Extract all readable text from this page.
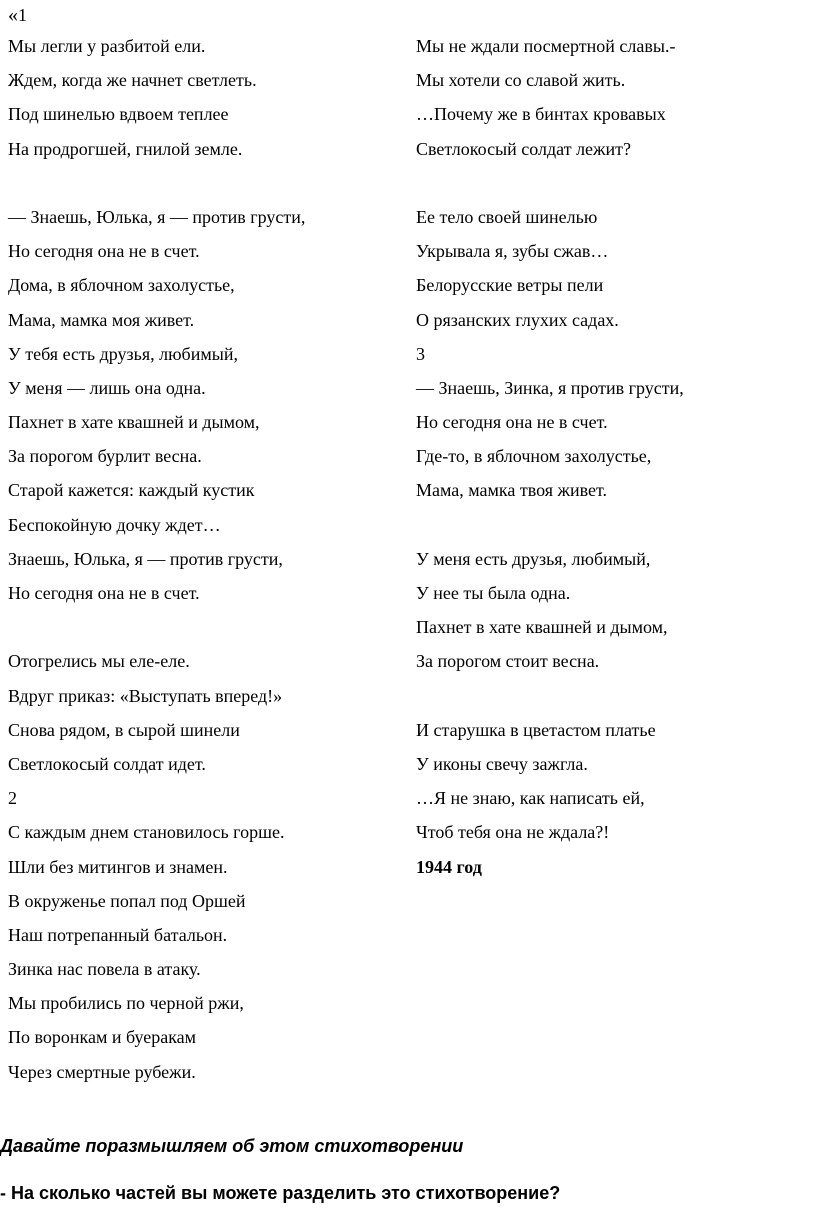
«1
Мы легли у разбитой ели.
Ждем, когда же начнет светлеть.
Под шинелью вдвоем теплее
На продрогшей, гнилой земле.
— Знаешь, Юлька, я — против грусти,
Но сегодня она не в счет.
Дома, в яблочном захолустье,
Мама, мамка моя живет.
У тебя есть друзья, любимый,
У меня — лишь она одна.
Пахнет в хате квашней и дымом,
За порогом бурлит весна.
Старой кажется: каждый кустик
Беспокойную дочку ждет…
Знаешь, Юлька, я — против грусти,
Но сегодня она не в счет.
Отогрелись мы еле-еле.
Вдруг приказ: «Выступать вперед!»
Снова рядом, в сырой шинели
Светлокосый солдат идет.
2
С каждым днем становилось горше.
Шли без митингов и знамен.
В окруженье попал под Оршей
Наш потрепанный батальон.
Зинка нас повела в атаку.
Мы пробились по черной ржи,
По воронкам и буеракам
Через смертные рубежи.
Мы не ждали посмертной славы.-
Мы хотели со славой жить.
…Почему же в бинтах кровавых
Светлокосый солдат лежит?
Ее тело своей шинелью
Укрывала я, зубы сжав…
Белорусские ветры пели
О рязанских глухих садах.
3
— Знаешь, Зинка, я против грусти,
Но сегодня она не в счет.
Где-то, в яблочном захолустье,
Мама, мамка твоя живет.
У меня есть друзья, любимый,
У нее ты была одна.
Пахнет в хате квашней и дымом,
За порогом стоит весна.
И старушка в цветастом платье
У иконы свечу зажгла.
…Я не знаю, как написать ей,
Чтоб тебя она не ждала?!
1944 год
Давайте поразмышляем об этом стихотворении
- На сколько частей вы можете разделить это стихотворение?
